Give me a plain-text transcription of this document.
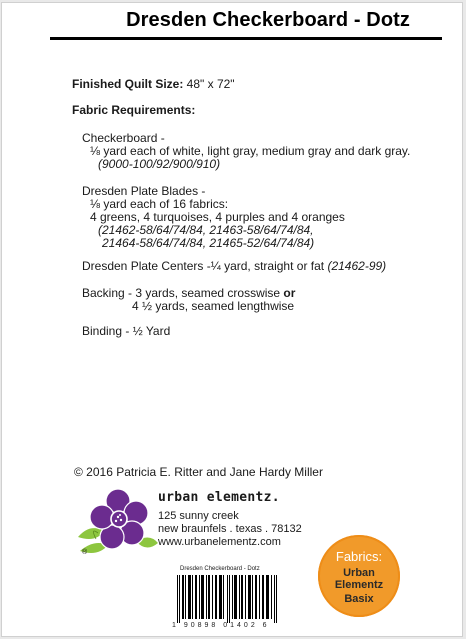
Dresden Checkerboard - Dotz
Finished Quilt Size: 48" x 72"
Fabric Requirements:
Checkerboard -
⅛ yard each of white, light gray, medium gray and dark gray.
(9000-100/92/900/910)
Dresden Plate Blades -
⅛ yard each of 16 fabrics:
4 greens, 4 turquoises, 4 purples and 4 oranges
(21462-58/64/74/84, 21463-58/64/74/84,
21464-58/64/74/84, 21465-52/64/74/84)
Dresden Plate Centers -¼ yard, straight or fat (21462-99)
Backing - 3 yards, seamed crosswise or
4 ½ yards, seamed lengthwise
Binding - ½ Yard
© 2016 Patricia E. Ritter and Jane Hardy Miller
®
urban elementz.
125 sunny creek
new braunfels . texas . 78132
www.urbanelementz.com
Dresden Checkerboard - Dotz
1 90898 01402 6
Fabrics:
Urban
Elementz
Basix
